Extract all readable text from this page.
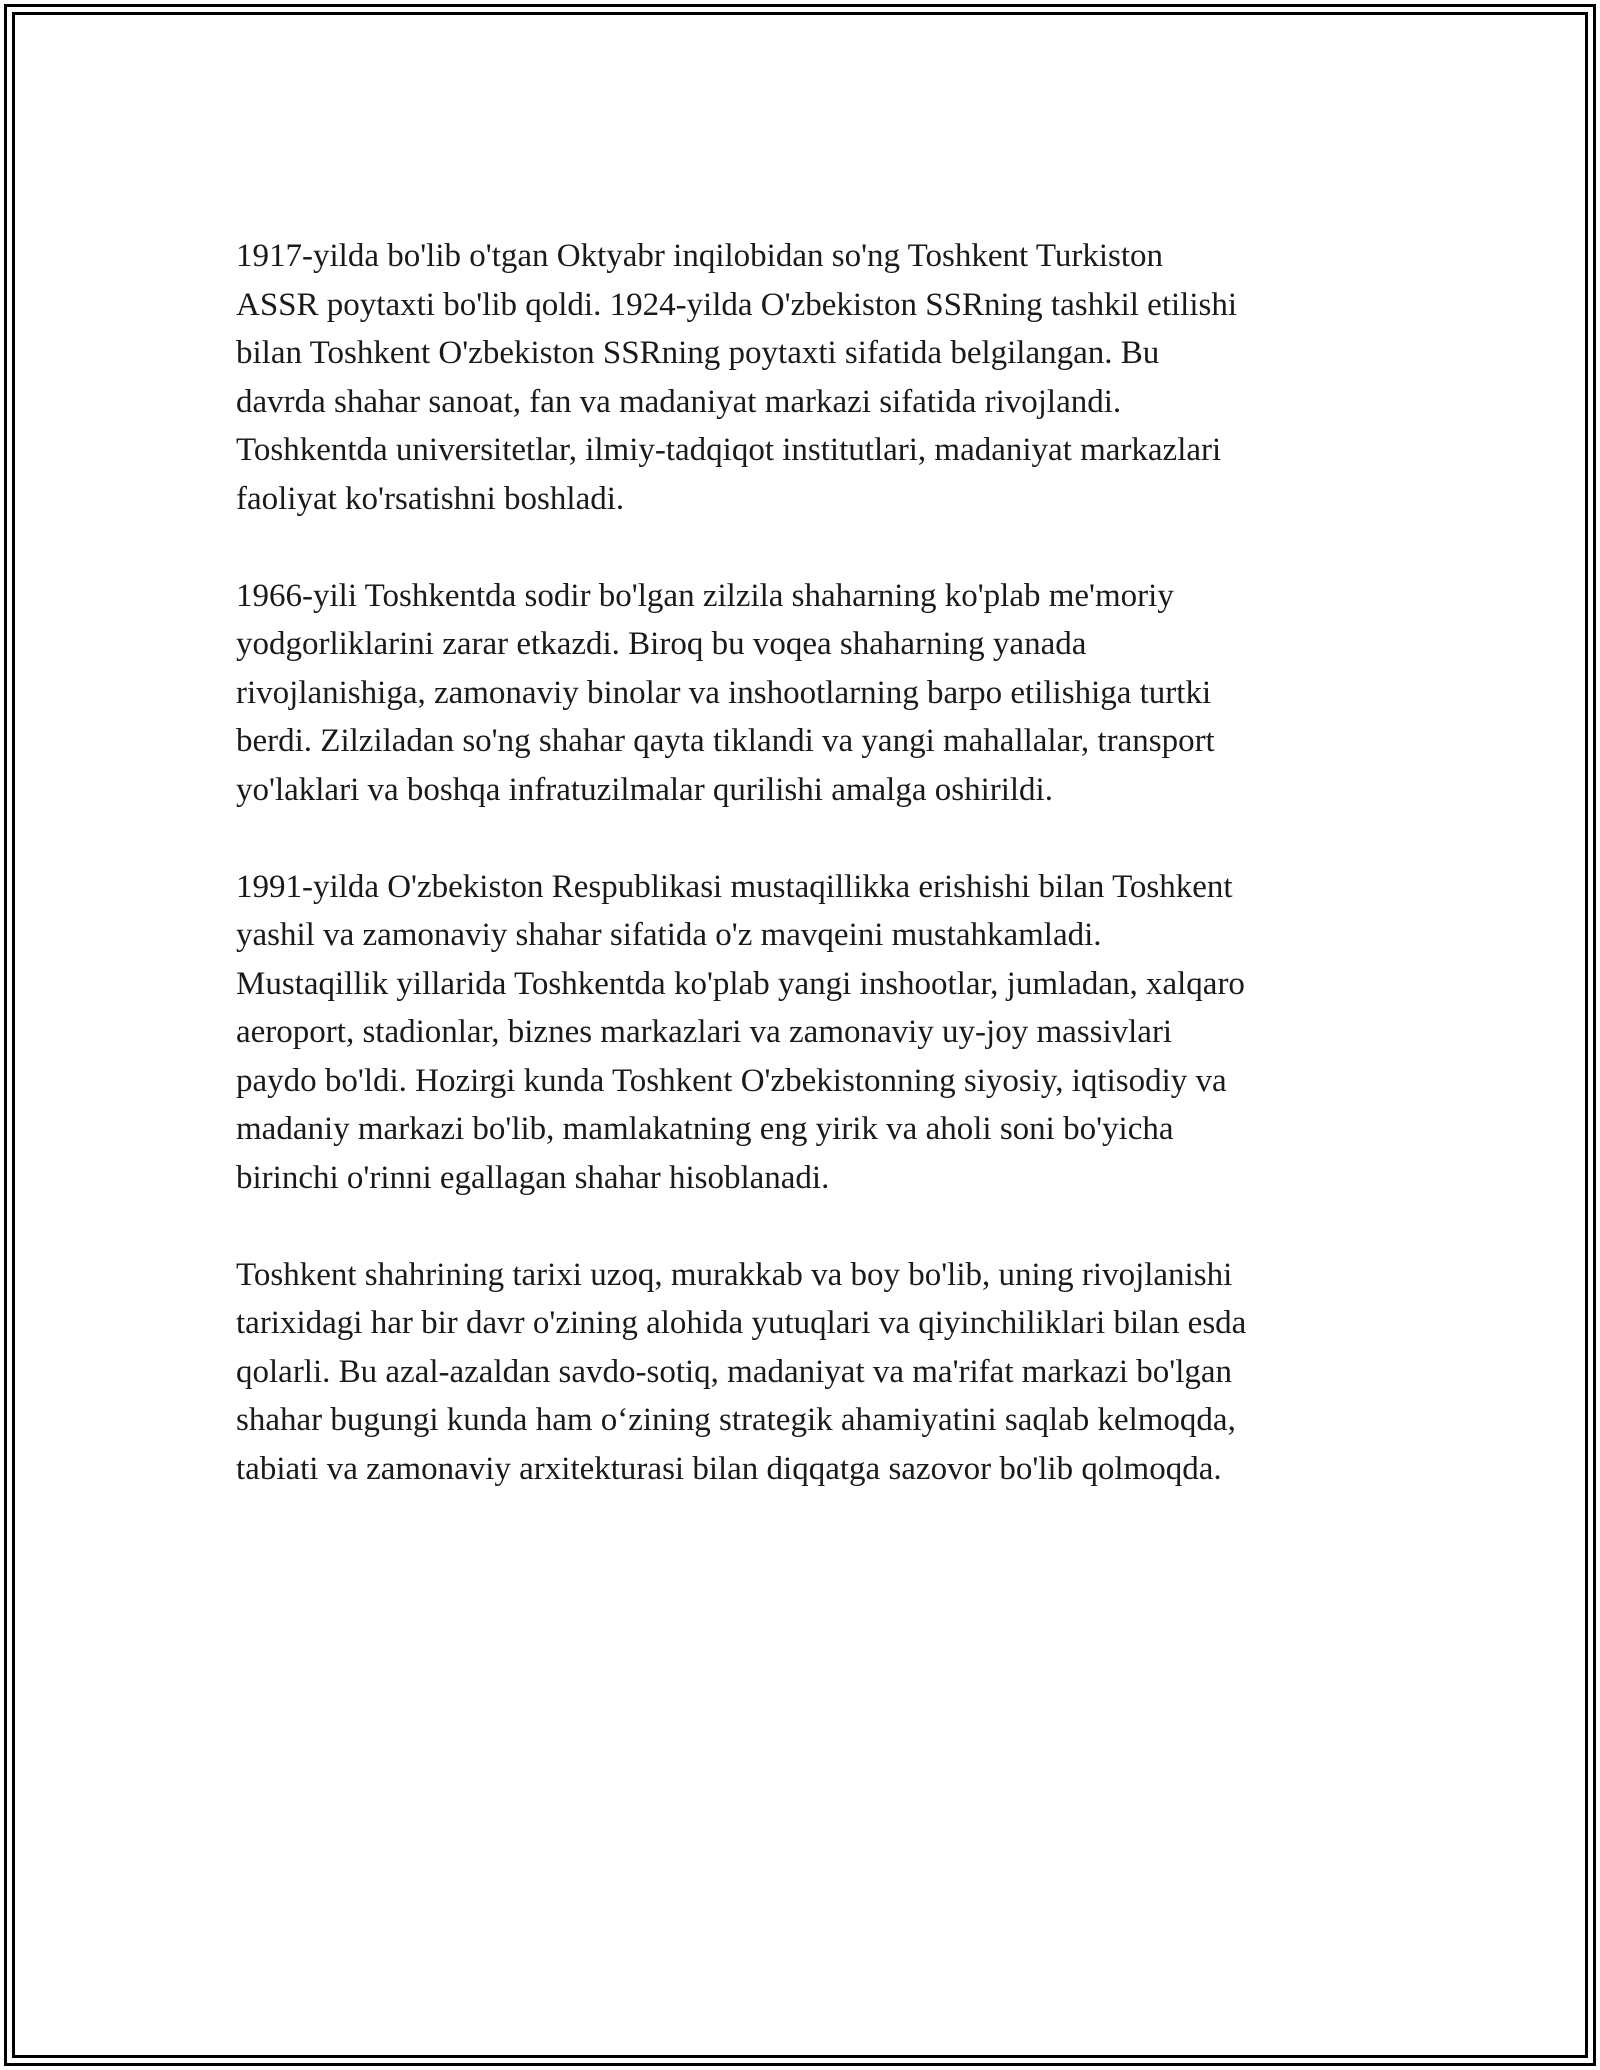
1917-yilda bo'lib o'tgan Oktyabr inqilobidan so'ng Toshkent Turkiston
ASSR poytaxti bo'lib qoldi. 1924-yilda O'zbekiston SSRning tashkil etilishi
bilan Toshkent O'zbekiston SSRning poytaxti sifatida belgilangan. Bu
davrda shahar sanoat, fan va madaniyat markazi sifatida rivojlandi.
Toshkentda universitetlar, ilmiy-tadqiqot institutlari, madaniyat markazlari
faoliyat ko'rsatishni boshladi.

1966-yili Toshkentda sodir bo'lgan zilzila shaharning ko'plab me'moriy
yodgorliklarini zarar etkazdi. Biroq bu voqea shaharning yanada
rivojlanishiga, zamonaviy binolar va inshootlarning barpo etilishiga turtki
berdi. Zilziladan so'ng shahar qayta tiklandi va yangi mahallalar, transport
yo'laklari va boshqa infratuzilmalar qurilishi amalga oshirildi.

1991-yilda O'zbekiston Respublikasi mustaqillikka erishishi bilan Toshkent
yashil va zamonaviy shahar sifatida o'z mavqeini mustahkamladi.
Mustaqillik yillarida Toshkentda ko'plab yangi inshootlar, jumladan, xalqaro
aeroport, stadionlar, biznes markazlari va zamonaviy uy-joy massivlari
paydo bo'ldi. Hozirgi kunda Toshkent O'zbekistonning siyosiy, iqtisodiy va
madaniy markazi bo'lib, mamlakatning eng yirik va aholi soni bo'yicha
birinchi o'rinni egallagan shahar hisoblanadi.

Toshkent shahrining tarixi uzoq, murakkab va boy bo'lib, uning rivojlanishi
tarixidagi har bir davr o'zining alohida yutuqlari va qiyinchiliklari bilan esda
qolarli. Bu azal-azaldan savdo-sotiq, madaniyat va ma'rifat markazi bo'lgan
shahar bugungi kunda ham o‘zining strategik ahamiyatini saqlab kelmoqda,
tabiati va zamonaviy arxitekturasi bilan diqqatga sazovor bo'lib qolmoqda.
